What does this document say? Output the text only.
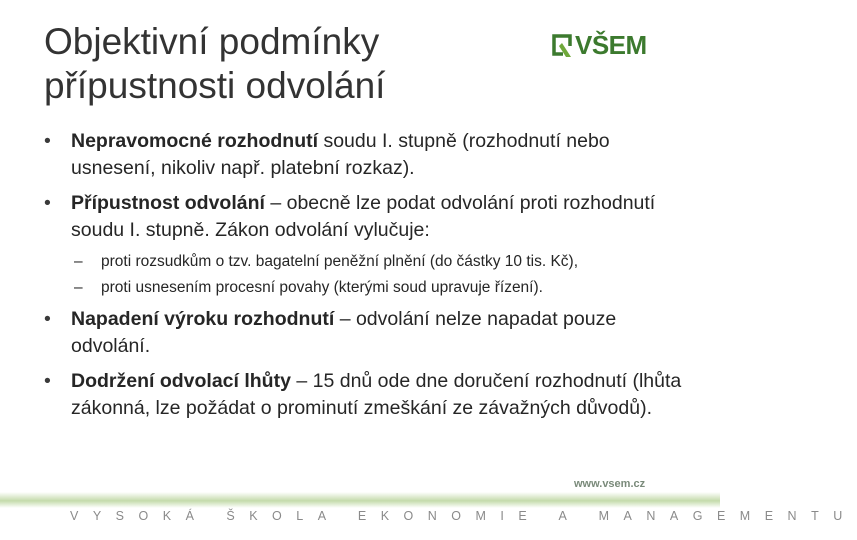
Objektivní podmínky
přípustnosti odvolání
VŠEM
• Nepravomocné rozhodnutí soudu I. stupně (rozhodnutí nebo usnesení, nikoliv např. platební rozkaz).
• Přípustnost odvolání – obecně lze podat odvolání proti rozhodnutí soudu I. stupně. Zákon odvolání vylučuje:
– proti rozsudkům o tzv. bagatelní peněžní plnění (do částky 10 tis. Kč),
– proti usnesením procesní povahy (kterými soud upravuje řízení).
• Napadení výroku rozhodnutí – odvolání nelze napadat pouze odvolání.
• Dodržení odvolací lhůty – 15 dnů ode dne doručení rozhodnutí (lhůta zákonná, lze požádat o prominutí zmeškání ze závažných důvodů).
www.vsem.cz
VYSOKÁ ŠKOLA EKONOMIE A MANAGEMENTU
